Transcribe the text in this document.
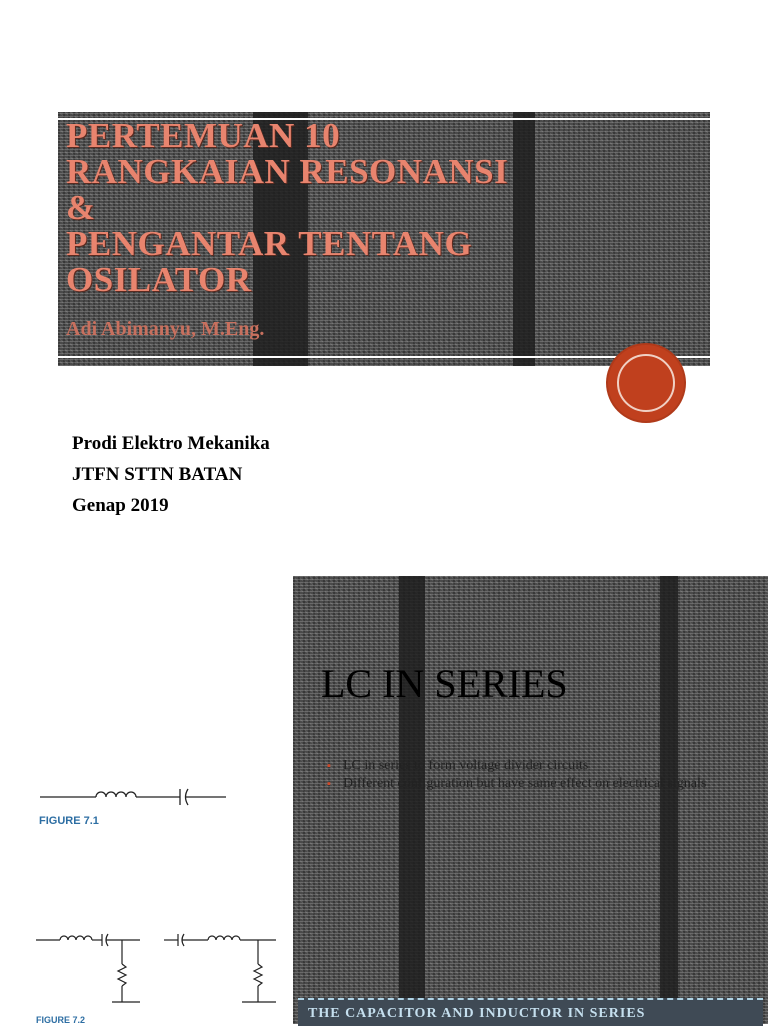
PERTEMUAN 10
RANGKAIAN RESONANSI
&
PENGANTAR TENTANG
OSILATOR
Adi Abimanyu, M.Eng.
Prodi Elektro Mekanika
JTFN STTN BATAN
Genap 2019
FIGURE 7.1
FIGURE 7.2
LC IN SERIES
▪ LC in series to form voltage divider circuits
▪ Different configuration but have same effect on electrical signals
THE CAPACITOR AND INDUCTOR IN SERIES
